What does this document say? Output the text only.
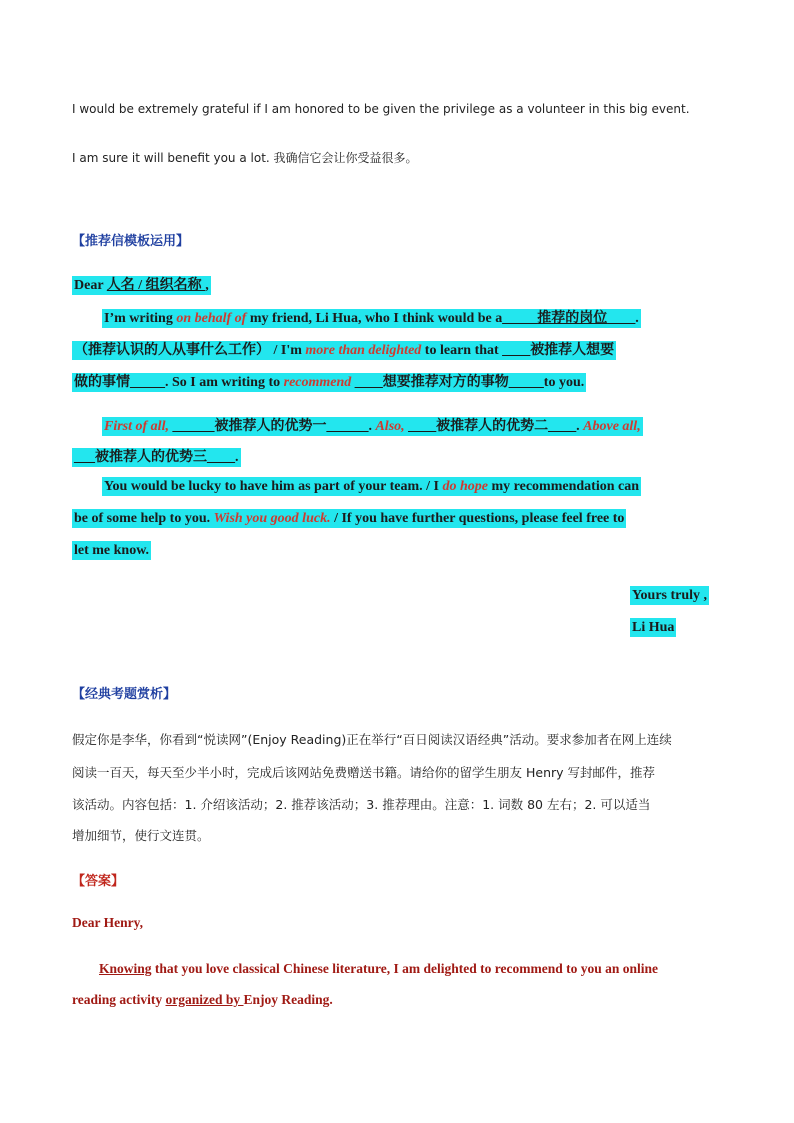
I would be extremely grateful if I am honored to be given the privilege as a volunteer in this big event.
I am sure it will benefit you a lot. 我确信它会让你受益很多。
【推荐信模板运用】
Dear 人名 / 组织名称 ,
I’m writing on behalf of my friend, Li Hua, who I think would be a_____推荐的岗位____.
（推荐认识的人从事什么工作） / I'm more than delighted to learn that ____被推荐人想要
做的事情_____. So I am writing to recommend ____想要推荐对方的事物_____to you.
First of all, ______被推荐人的优势一______. Also, ____被推荐人的优势二____. Above all,
___被推荐人的优势三____.
You would be lucky to have him as part of your team. / I do hope my recommendation can
be of some help to you. Wish you good luck. / If you have further questions, please feel free to
let me know.
Yours truly ,
Li Hua
【经典考题赏析】
假定你是李华，你看到“悦读网”(Enjoy Reading)正在举行“百日阅读汉语经典”活动。要求参加者在网上连续
阅读一百天，每天至少半小时，完成后该网站免费赠送书籍。请给你的留学生朋友 Henry 写封邮件，推荐
该活动。内容包括：1. 介绍该活动；2. 推荐该活动；3. 推荐理由。注意：1. 词数 80 左右；2. 可以适当
增加细节，使行文连贯。
【答案】
Dear Henry,
Knowing that you love classical Chinese literature, I am delighted to recommend to you an online
reading activity organized by Enjoy Reading.
